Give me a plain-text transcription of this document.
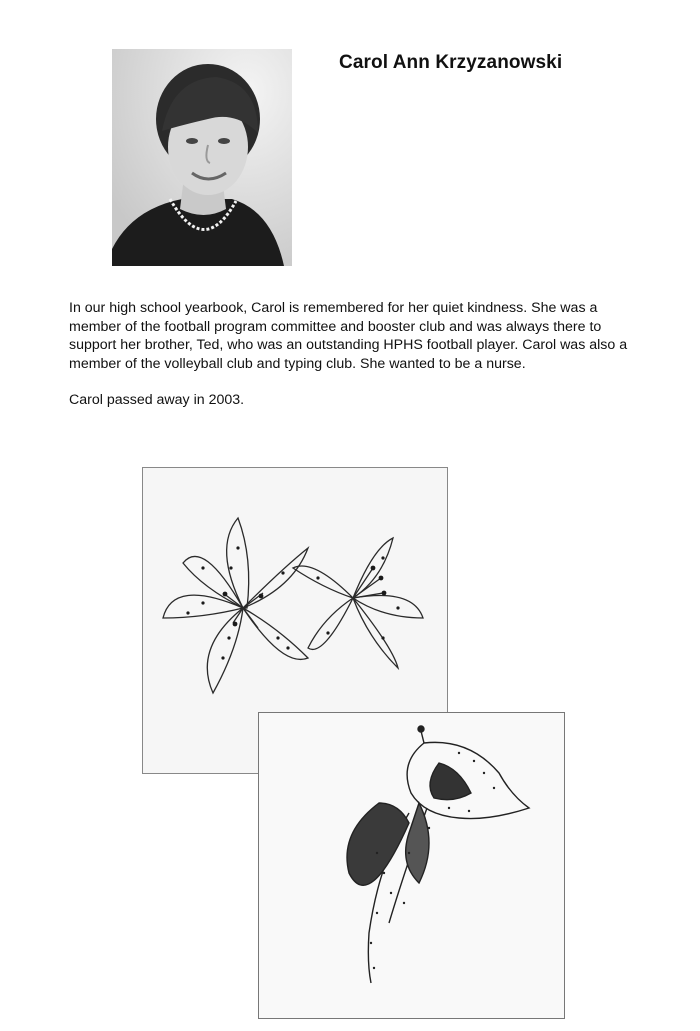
Carol Ann Krzyzanowski

In our high school yearbook, Carol is remembered for her quiet kindness. She was a member of the football program committee and booster club and was always there to support her brother, Ted, who was an outstanding HPHS football player. Carol was also a member of the volleyball club and typing club. She wanted to be a nurse.

Carol passed away in 2003.
